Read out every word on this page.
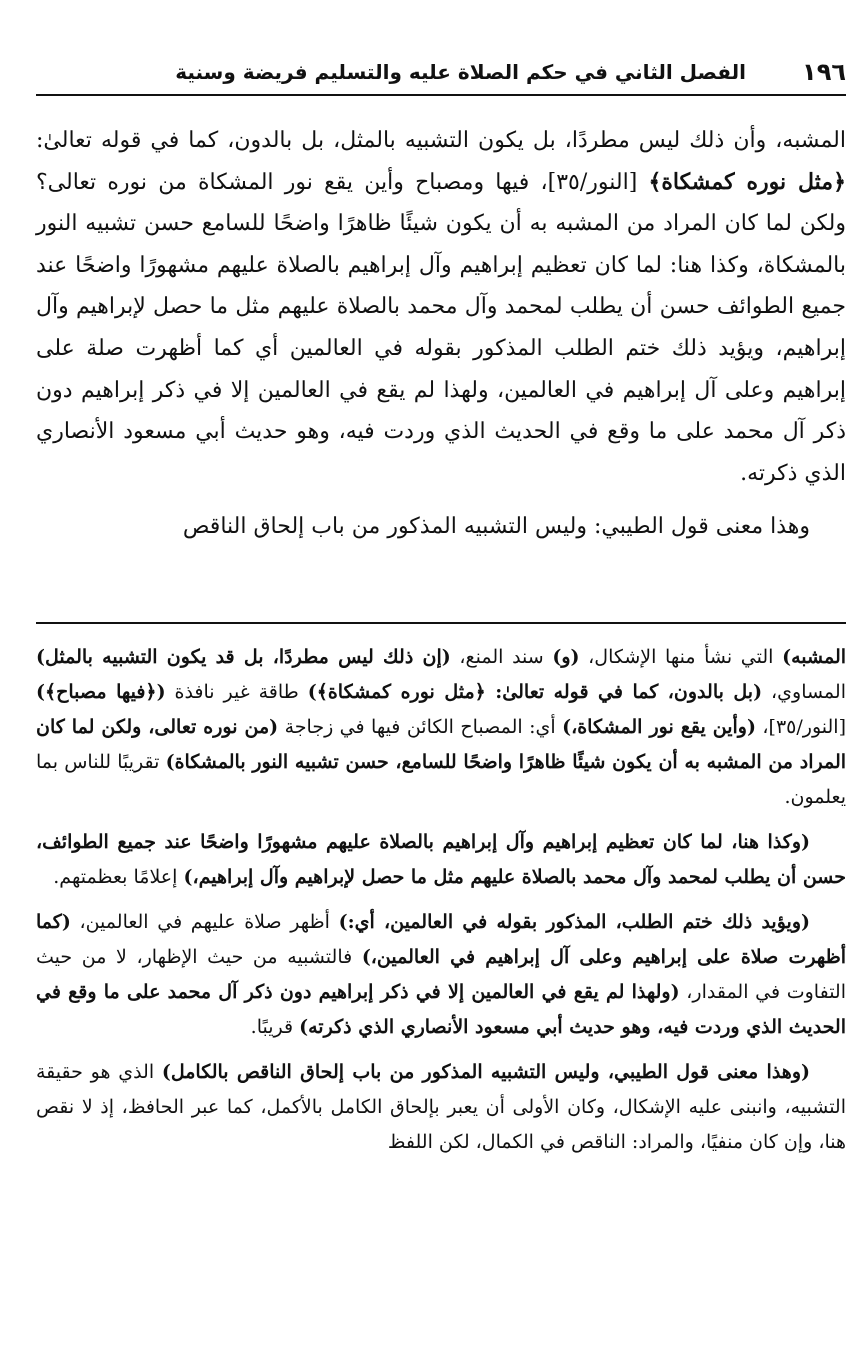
١٩٦
الفصل الثاني في حكم الصلاة عليه والتسليم فريضة وسنية

المشبه، وأن ذلك ليس مطردًا، بل يكون التشبيه بالمثل، بل بالدون، كما في قوله تعالىٰ: ﴿مثل نوره كمشكاة﴾ [النور/٣٥]، فيها ومصباح وأين يقع نور المشكاة من نوره تعالى؟ ولكن لما كان المراد من المشبه به أن يكون شيئًا ظاهرًا واضحًا للسامع حسن تشبيه النور بالمشكاة، وكذا هنا: لما كان تعظيم إبراهيم وآل إبراهيم بالصلاة عليهم مشهورًا واضحًا عند جميع الطوائف حسن أن يطلب لمحمد وآل محمد بالصلاة عليهم مثل ما حصل لإبراهيم وآل إبراهيم، ويؤيد ذلك ختم الطلب المذكور بقوله في العالمين أي كما أظهرت صلة على إبراهيم وعلى آل إبراهيم في العالمين، ولهذا لم يقع في العالمين إلا في ذكر إبراهيم دون ذكر آل محمد على ما وقع في الحديث الذي وردت فيه، وهو حديث أبي مسعود الأنصاري الذي ذكرته.

وهذا معنى قول الطيبي: وليس التشبيه المذكور من باب إلحاق الناقص

المشبه) التي نشأ منها الإشكال، (و) سند المنع، (إن ذلك ليس مطردًا، بل قد يكون التشبيه بالمثل) المساوي، (بل بالدون، كما في قوله تعالىٰ: ﴿مثل نوره كمشكاة﴾) طاقة غير نافذة (﴿فيها مصباح﴾) [النور/٣٥]، (وأين يقع نور المشكاة،) أي: المصباح الكائن فيها في زجاجة (من نوره تعالى، ولكن لما كان المراد من المشبه به أن يكون شيئًا ظاهرًا واضحًا للسامع، حسن تشبيه النور بالمشكاة) تقريبًا للناس بما يعلمون.

(وكذا هنا، لما كان تعظيم إبراهيم وآل إبراهيم بالصلاة عليهم مشهورًا واضحًا عند جميع الطوائف، حسن أن يطلب لمحمد وآل محمد بالصلاة عليهم مثل ما حصل لإبراهيم وآل إبراهيم،) إعلامًا بعظمتهم.

(ويؤيد ذلك ختم الطلب، المذكور بقوله في العالمين، أي:) أظهر صلاة عليهم في العالمين، (كما أظهرت صلاة على إبراهيم وعلى آل إبراهيم في العالمين،) فالتشبيه من حيث الإظهار، لا من حيث التفاوت في المقدار، (ولهذا لم يقع في العالمين إلا في ذكر إبراهيم دون ذكر آل محمد على ما وقع في الحديث الذي وردت فيه، وهو حديث أبي مسعود الأنصاري الذي ذكرته) قريبًا.

(وهذا معنى قول الطيبي، وليس التشبيه المذكور من باب إلحاق الناقص بالكامل) الذي هو حقيقة التشبيه، وانبنى عليه الإشكال، وكان الأولى أن يعبر بإلحاق الكامل بالأكمل، كما عبر الحافظ، إذ لا نقص هنا، وإن كان منفيًا، والمراد: الناقص في الكمال، لكن اللفظ
